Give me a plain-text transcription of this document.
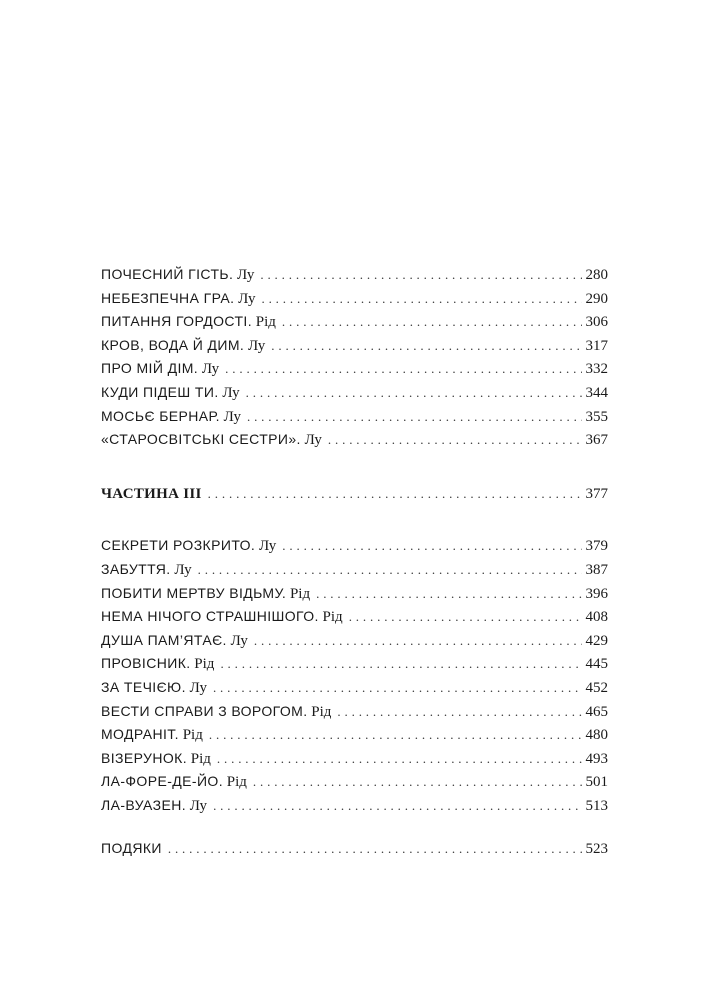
ПОЧЕСНИЙ ГІСТЬ. Лу . . .	280
НЕБЕЗПЕЧНА ГРА. Лу . . .	290
ПИТАННЯ ГОРДОСТІ. Рід . . .	306
КРОВ, ВОДА Й ДИМ. Лу . . .	317
ПРО МІЙ ДІМ. Лу . . .	332
КУДИ ПІДЕШ ТИ. Лу . . .	344
МОСЬЄ БЕРНАР. Лу . . .	355
«СТАРОСВІТСЬКІ СЕСТРИ». Лу . . .	367
ЧАСТИНА III . . .	377
СЕКРЕТИ РОЗКРИТО. Лу . . .	379
ЗАБУТТЯ. Лу . . .	387
ПОБИТИ МЕРТВУ ВІДЬМУ. Рід . . .	396
НЕМА НІЧОГО СТРАШНІШОГО. Рід . . .	408
ДУША ПАМ’ЯТАЄ. Лу . . .	429
ПРОВІСНИК. Рід . . .	445
ЗА ТЕЧІЄЮ. Лу . . .	452
ВЕСТИ СПРАВИ З ВОРОГОМ. Рід . . .	465
МОДРАНІТ. Рід . . .	480
ВІЗЕРУНОК. Рід . . .	493
ЛА-ФОРЕ-ДЕ-ЙО. Рід . . .	501
ЛА-ВУАЗЕН. Лу . . .	513
ПОДЯКИ . . .	523
